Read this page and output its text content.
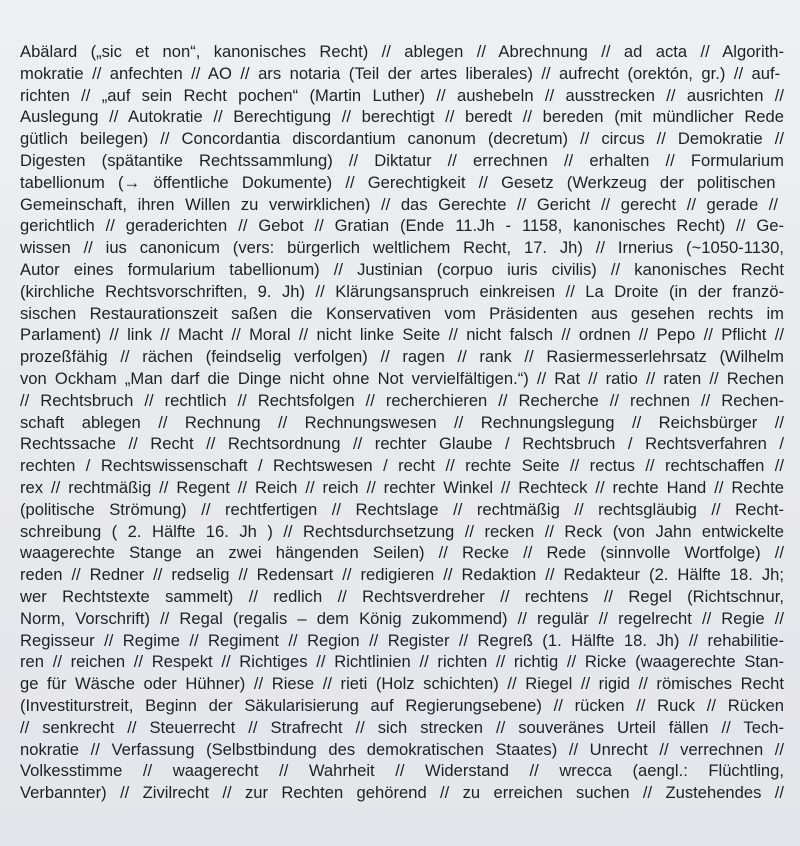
Abälard („sic et non“, kanonisches Recht) // ablegen // Abrechnung // ad acta // Algorith-
mokratie // anfechten // AO // ars notaria (Teil der artes liberales) // aufrecht (orektón, gr.) // auf-
richten // „auf sein Recht pochen“ (Martin Luther) // aushebeln // ausstrecken // ausrichten //
Auslegung // Autokratie // Berechtigung // berechtigt // beredt // bereden (mit mündlicher Rede
gütlich beilegen) // Concordantia discordantium canonum (decretum) // circus // Demokratie //
Digesten (spätantike Rechtssammlung) // Diktatur // errechnen // erhalten // Formularium
tabellionum (→ öffentliche Dokumente) // Gerechtigkeit // Gesetz (Werkzeug der politischen
Gemeinschaft, ihren Willen zu verwirklichen) // das Gerechte // Gericht // gerecht // gerade //
gerichtlich // geraderichten // Gebot // Gratian (Ende 11.Jh - 1158, kanonisches Recht) // Ge-
wissen // ius canonicum (vers: bürgerlich weltlichem Recht, 17. Jh) // Irnerius (~1050-1130,
Autor eines formularium tabellionum) // Justinian (corpuo iuris civilis) // kanonisches Recht
(kirchliche Rechtsvorschriften, 9. Jh) // Klärungsanspruch einkreisen // La Droite (in der franzö-
sischen Restaurationszeit saßen die Konservativen vom Präsidenten aus gesehen rechts im
Parlament) // link // Macht // Moral // nicht linke Seite // nicht falsch // ordnen // Pepo // Pflicht //
prozeßfähig // rächen (feindselig verfolgen) // ragen // rank // Rasiermesserlehrsatz (Wilhelm
von Ockham „Man darf die Dinge nicht ohne Not vervielfältigen.“) // Rat // ratio // raten // Rechen
// Rechtsbruch // rechtlich // Rechtsfolgen // recherchieren // Recherche // rechnen // Rechen-
schaft ablegen // Rechnung // Rechnungswesen // Rechnungslegung // Reichsbürger //
Rechtssache // Recht // Rechtsordnung // rechter Glaube / Rechtsbruch / Rechtsverfahren /
rechten / Rechtswissenschaft / Rechtswesen / recht // rechte Seite // rectus // rechtschaffen //
rex // rechtmäßig // Regent // Reich // reich // rechter Winkel // Rechteck // rechte Hand // Rechte
(politische Strömung) // rechtfertigen // Rechtslage // rechtmäßig // rechtsgläubig // Recht-
schreibung ( 2. Hälfte 16. Jh ) // Rechtsdurchsetzung // recken // Reck (von Jahn entwickelte
waagerechte Stange an zwei hängenden Seilen) // Recke // Rede (sinnvolle Wortfolge) //
reden // Redner // redselig // Redensart // redigieren // Redaktion // Redakteur (2. Hälfte 18. Jh;
wer Rechtstexte sammelt) // redlich // Rechtsverdreher // rechtens // Regel (Richtschnur,
Norm, Vorschrift) // Regal (regalis – dem König zukommend) // regulär // regelrecht // Regie //
Regisseur // Regime // Regiment // Region // Register // Regreß (1. Hälfte 18. Jh) // rehabilitie-
ren // reichen // Respekt // Richtiges // Richtlinien // richten // richtig // Ricke (waagerechte Stan-
ge für Wäsche oder Hühner) // Riese // rieti (Holz schichten) // Riegel // rigid // römisches Recht
(Investiturstreit, Beginn der Säkularisierung auf Regierungsebene) // rücken // Ruck // Rücken
// senkrecht // Steuerrecht // Strafrecht // sich strecken // souveränes Urteil fällen // Tech-
nokratie // Verfassung (Selbstbindung des demokratischen Staates) // Unrecht // verrechnen //
Volkesstimme // waagerecht // Wahrheit // Widerstand // wrecca (aengl.: Flüchtling,
Verbannter) // Zivilrecht // zur Rechten gehörend // zu erreichen suchen // Zustehendes //
